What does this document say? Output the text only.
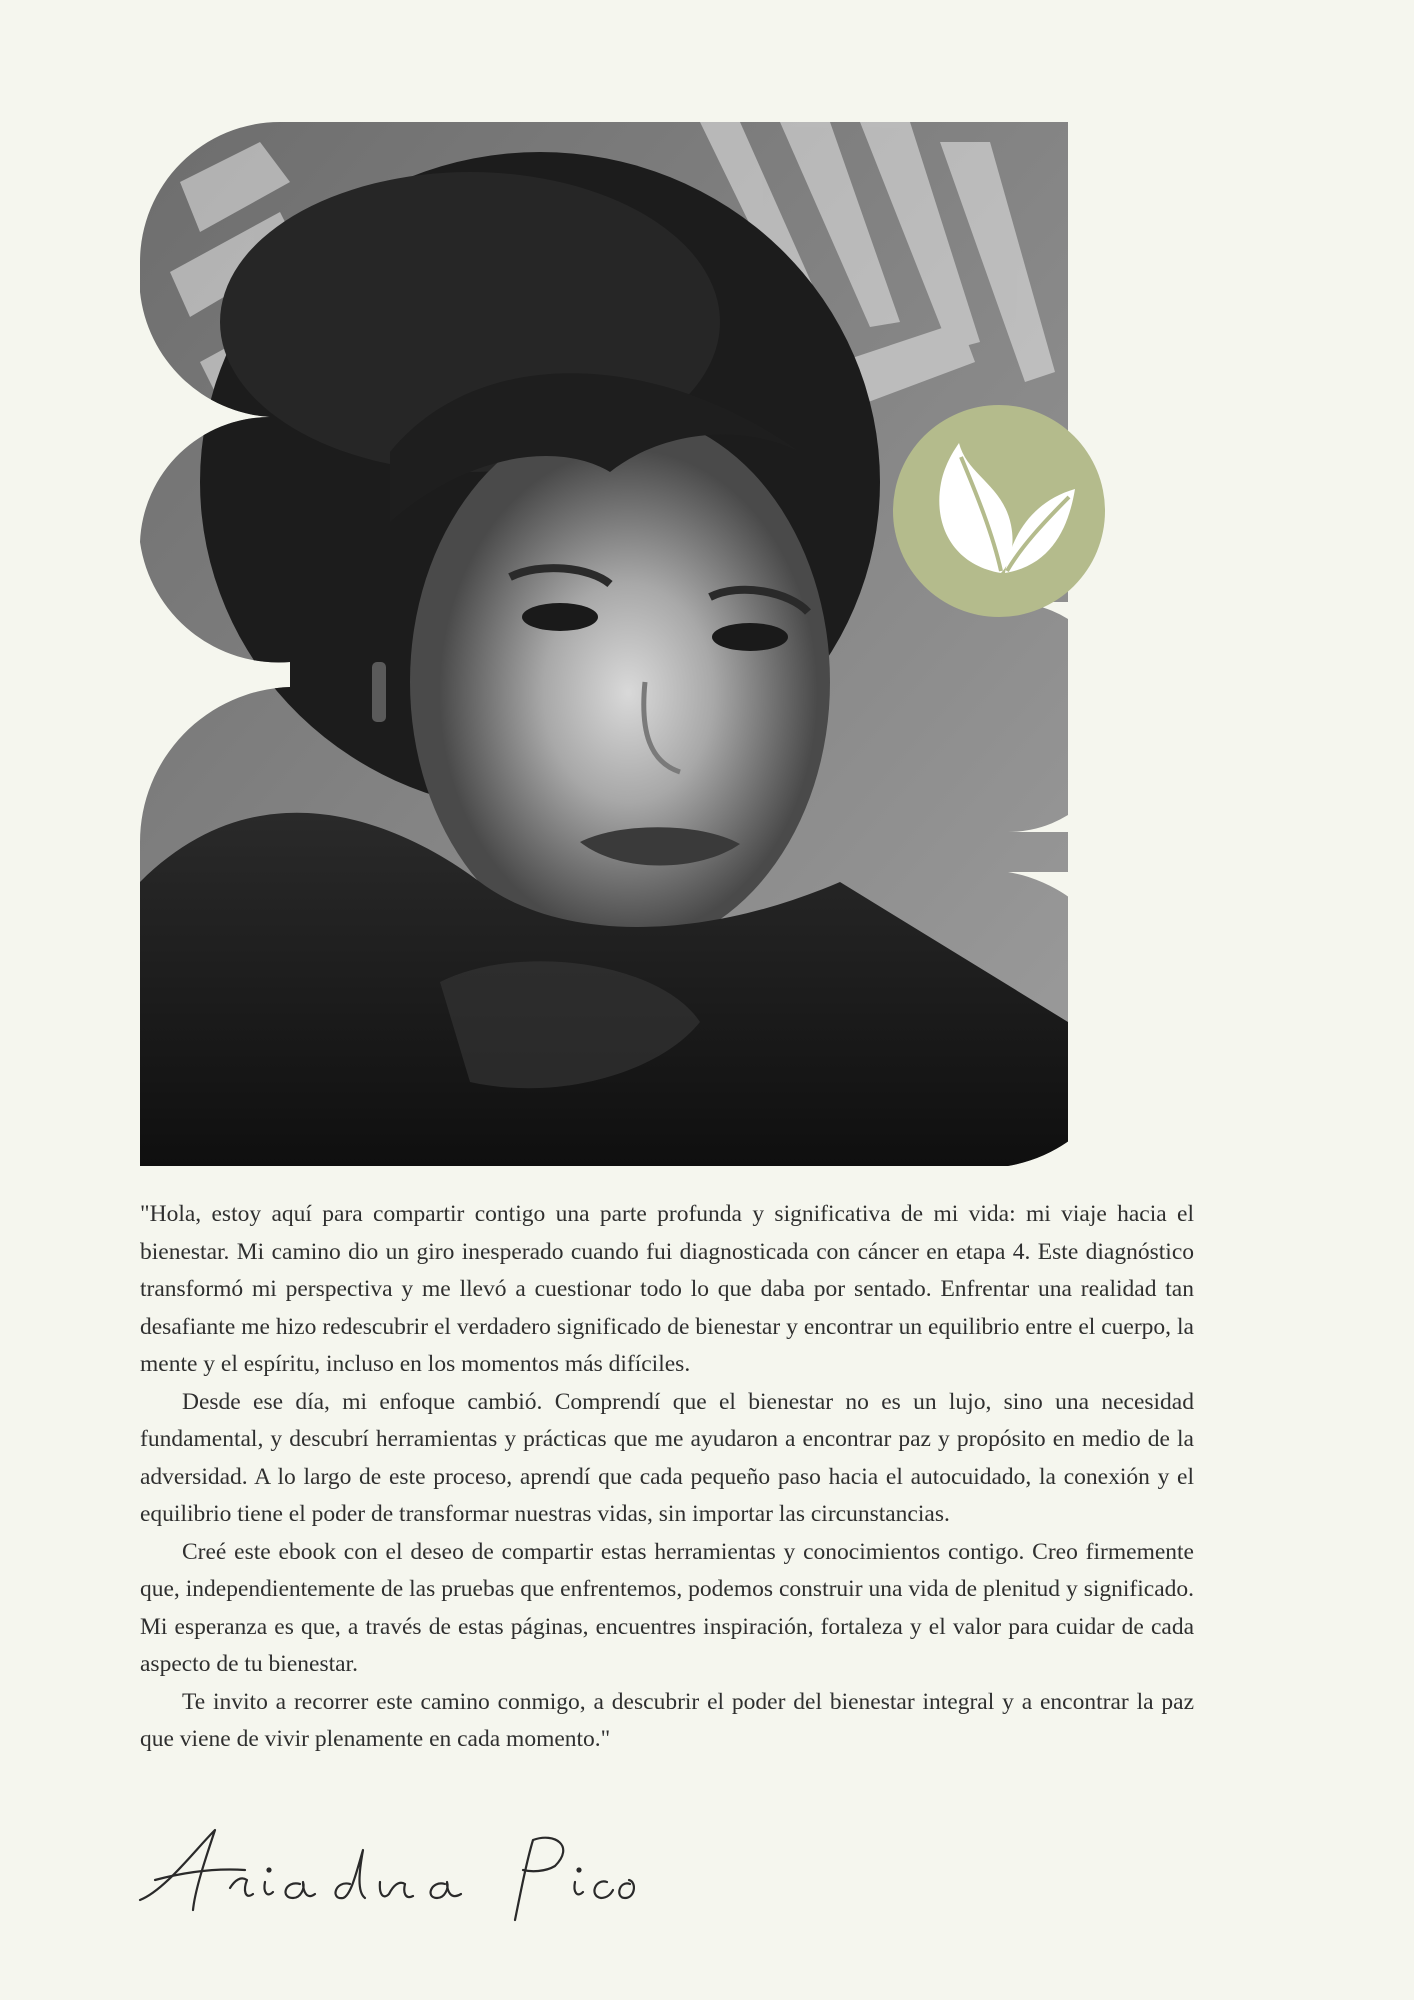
"Hola, estoy aquí para compartir contigo una parte profunda y significativa de mi vida: mi viaje hacia el bienestar. Mi camino dio un giro inesperado cuando fui diagnosticada con cáncer en etapa 4. Este diagnóstico transformó mi perspectiva y me llevó a cuestionar todo lo que daba por sentado. Enfrentar una realidad tan desafiante me hizo redescubrir el verdadero significado de bienestar y encontrar un equilibrio entre el cuerpo, la mente y el espíritu, incluso en los momentos más difíciles.

Desde ese día, mi enfoque cambió. Comprendí que el bienestar no es un lujo, sino una necesidad fundamental, y descubrí herramientas y prácticas que me ayudaron a encontrar paz y propósito en medio de la adversidad. A lo largo de este proceso, aprendí que cada pequeño paso hacia el autocuidado, la conexión y el equilibrio tiene el poder de transformar nuestras vidas, sin importar las circunstancias.

Creé este ebook con el deseo de compartir estas herramientas y conocimientos contigo. Creo firmemente que, independientemente de las pruebas que enfrentemos, podemos construir una vida de plenitud y significado. Mi esperanza es que, a través de estas páginas, encuentres inspiración, fortaleza y el valor para cuidar de cada aspecto de tu bienestar.

Te invito a recorrer este camino conmigo, a descubrir el poder del bienestar integral y a encontrar la paz que viene de vivir plenamente en cada momento."
